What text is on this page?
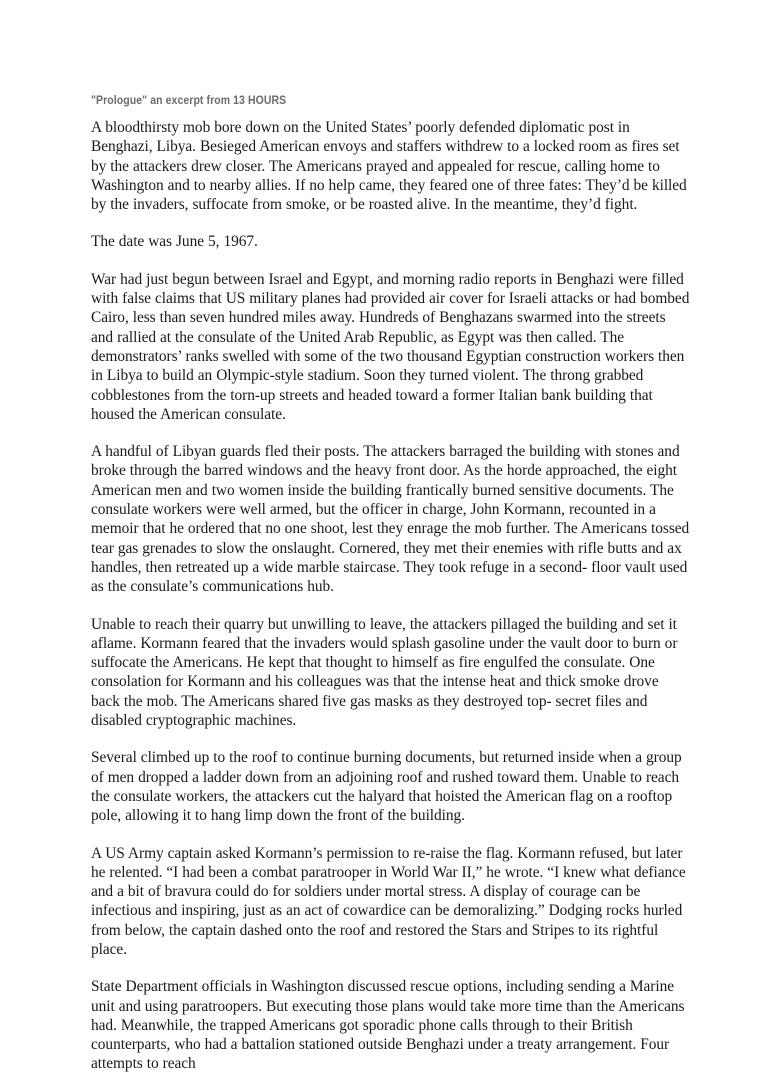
"Prologue" an excerpt from 13 HOURS

A bloodthirsty mob bore down on the United States’ poorly defended diplomatic post in Benghazi, Libya. Besieged American envoys and staffers withdrew to a locked room as fires set by the attackers drew closer. The Americans prayed and appealed for rescue, calling home to Washington and to nearby allies. If no help came, they feared one of three fates: They’d be killed by the invaders, suffocate from smoke, or be roasted alive. In the meantime, they’d fight.

The date was June 5, 1967.

War had just begun between Israel and Egypt, and morning radio reports in Benghazi were filled with false claims that US military planes had provided air cover for Israeli attacks or had bombed Cairo, less than seven hundred miles away. Hundreds of Benghazans swarmed into the streets and rallied at the consulate of the United Arab Republic, as Egypt was then called. The demonstrators’ ranks swelled with some of the two thousand Egyptian construction workers then in Libya to build an Olympic-style stadium. Soon they turned violent. The throng grabbed cobblestones from the torn‑up streets and headed toward a former Italian bank building that housed the American consulate.

A handful of Libyan guards fled their posts. The attackers barraged the building with stones and broke through the barred windows and the heavy front door. As the horde approached, the eight American men and two women inside the building frantically burned sensitive documents. The consulate workers were well armed, but the officer in charge, John Kormann, recounted in a memoir that he ordered that no one shoot, lest they enrage the mob further. The Americans tossed tear gas grenades to slow the onslaught. Cornered, they met their enemies with rifle butts and ax handles, then retreated up a wide marble staircase. They took refuge in a second- floor vault used as the consulate’s communications hub.

Unable to reach their quarry but unwilling to leave, the attackers pillaged the building and set it aflame. Kormann feared that the invaders would splash gasoline under the vault door to burn or suffocate the Americans. He kept that thought to himself as fire engulfed the consulate. One consolation for Kormann and his colleagues was that the intense heat and thick smoke drove back the mob. The Americans shared five gas masks as they destroyed top- secret files and disabled cryptographic machines.

Several climbed up to the roof to continue burning documents, but returned inside when a group of men dropped a ladder down from an adjoining roof and rushed toward them. Unable to reach the consulate workers, the attackers cut the halyard that hoisted the American flag on a rooftop pole, allowing it to hang limp down the front of the building.

A US Army captain asked Kormann’s permission to re‑raise the flag. Kormann refused, but later he relented. “I had been a combat paratrooper in World War II,” he wrote. “I knew what defiance and a bit of bravura could do for soldiers under mortal stress. A display of courage can be infectious and inspiring, just as an act of cowardice can be demoralizing.” Dodging rocks hurled from below, the captain dashed onto the roof and restored the Stars and Stripes to its rightful place.

State Department officials in Washington discussed rescue options, including sending a Marine unit and using paratroopers. But executing those plans would take more time than the Americans had. Meanwhile, the trapped Americans got sporadic phone calls through to their British counterparts, who had a battalion stationed outside Benghazi under a treaty arrangement. Four attempts to reach
